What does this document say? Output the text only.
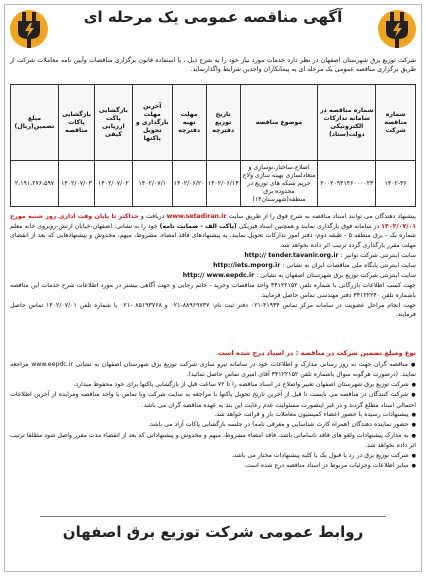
آگهی مناقصه عمومی یک مرحله ای
شرکت توزیع برق شهرستان اصفهان در نظر دارد خدمات مورد نیاز خود را به شرح ذیل ، با استفاده قانون برگزاری مناقصات وآیین نامه معاملات شرکت از طریق برگزاری مناقصه عمومی یک مرحله ای به پیمانکاران واجدین شرایط واگذارنماید.
شماره مناقصه شرکت	شماره مناقصه در سامانه تدارکات الکترونیکی دولت(ستاد)	موضوع مناقصه	تاریخ توزیع دفترچه	مهلت تهیه دفترچه	آخرین مهلت بارگذاری و تحویل پاکتها	بازگشایی پاکت ارزیابی کیفی	بازگشایی پاکات مناقصه	مبلغ تضمین(ریال)
۱۴۰۲-۳۶	۲۰۰۲۰۹۴۱۴۶۰۰۰۰۲۳	اصلاح،ساختار،نوسازی و متعادلسازی بهینه سازی ولاج حریم شبکه های توزیع در محدوده برق منطقه(شهرستان۱۴)	۱۴۰۲/۰۶/۱۳	۱۴۰۲/۰۶/۲۰	۱۴۰۲/۰۷/۱	۱۴۰۲/۰۷/۰۲	۱۴۰۲/۰۷/۰۳	۲،۱۹۱،۲۷۶،۵۹۷

پیشنهاد دهندگان می توانند اسناد مناقصه به شرح فوق را از طریق سایت www.setadiran.ir دریافت و حداکثر تا پایان وقت اداری روز شنبه مورخ ۱۴۰۲/۰۷/۰۱ در سامانه فوق بارگذاری نمایند و همچنین اسناد فیزیکی (پاکت الف - ضمانت نامه) خود را به نشانی: اصفهان-خیابان ارتش-روبروی خانه معلم شماره یک - برق منطقه ۵ - طبقه دوم- دفتر امور تدارکات تحویل نمایند. به پیشنهادهای فاقد امضاء، مشروط، مبهم، مخدوش و پیشنهادهایی که بعد از انقضای مهلت مقرر بارگذاری گردد ترتیب اثر داده نخواهد شد.

سایت اینترنتی شرکت توانیر : http:// tender.tavanir.org.ir

سایت اینترنتی پایگاه ملی مناقصات ایران به نشانی : http://iets.mporg.ir

سایت اینترنتی شرکت توزیع برق شهرستان اصفهان به نشانی : http:// www.eepdc.ir

جهت کسب اطلاعات بازرگانی با شماره تلفن ۳۴۱۲۲۱۵۲ واحد مناقصات وخرید - خانم رجایی و جهت آگاهی بیشتر در مورد اطلاعات شرح خدمات این مناقصه باشماره تلفن ۳۴۱۲۲۲۴۰ دفتر مهندسی تماس حاصل فرمایید.

جهت انجام مراحل عضویت در سامانه مرکز تماس ۴۱۹۳۴-۰۲۱ دفتر ثبت نام: ۸۸۹۶۹۷۳۷-۰۲۱ و ۸۵۱۹۳۷۶۸ -۰۲۱ با شماره تلفن ۱۴۰۲/۰۷/۰۱ تماس حاصل فرمایند.

نوع ومبلغ تضمین شرکت در مناقصه : در اسناد درج شده است
● مناقصه گران جهت به روز رسانی مدارک و اطلاعات خود در سامانه نیرو سازی شرکت توزیع برق شهرستان اصفهان به نشانی www.eepdc.ir مراجعه نمایند. (درصورت هرگونه سوال باشماره تلفن ۳۴۱۲۲۱۵۲ آقای امیری تماس حاصل نمائید).
● شرکت توزیع برق شهرستان اصفهان تغییر واصلاح در اسناد مناقصه را تا ۷۲ ساعت قبل از بازگشایی پاکتها برای خود محفوظ میدارد.
● شرکت کنندگان در مناقصه می بایست تا قبل از آخرین تاریخ تحویل پاکتها با مراجعه به سایت شرکت ویا تماس با واحد مناقصه ومزایده از آخرین اطلاعات احتمالی اسناد مطلع گردند و در غیر اینصورت مسئولیت عدم رعایت این بند به عهده مناقصه گران می باشد.
● پیشنهادات رسیده با حضور اعضاء کمیسیون معاملات باز و قرائت خواهد شد.
● حضور نماینده دهندگان (همراه کارت شناسایی و معرفی نامه) در جلسه بازگشایی پاکات آزاد می باشد.
● به مدارک پیشنهادات ولغو های فاقد ناسامانی باشد، فاقد امضاء مشروط، مبهم و مخدوش و پیشنهاداتی که بعد از انقضاء مدت مقرر واصل شود مطلقا ترتیب اثر داده نخواهد شد.
● شرکت توزیع برق در رد یا قبول یک یا کلیه پیشنهادات مختار می باشد.
● سایر اطلاعات وجزئیات مربوط در اسناد مناقصه درج شده است.
روابط عمومی شرکت توزیع برق اصفهان
